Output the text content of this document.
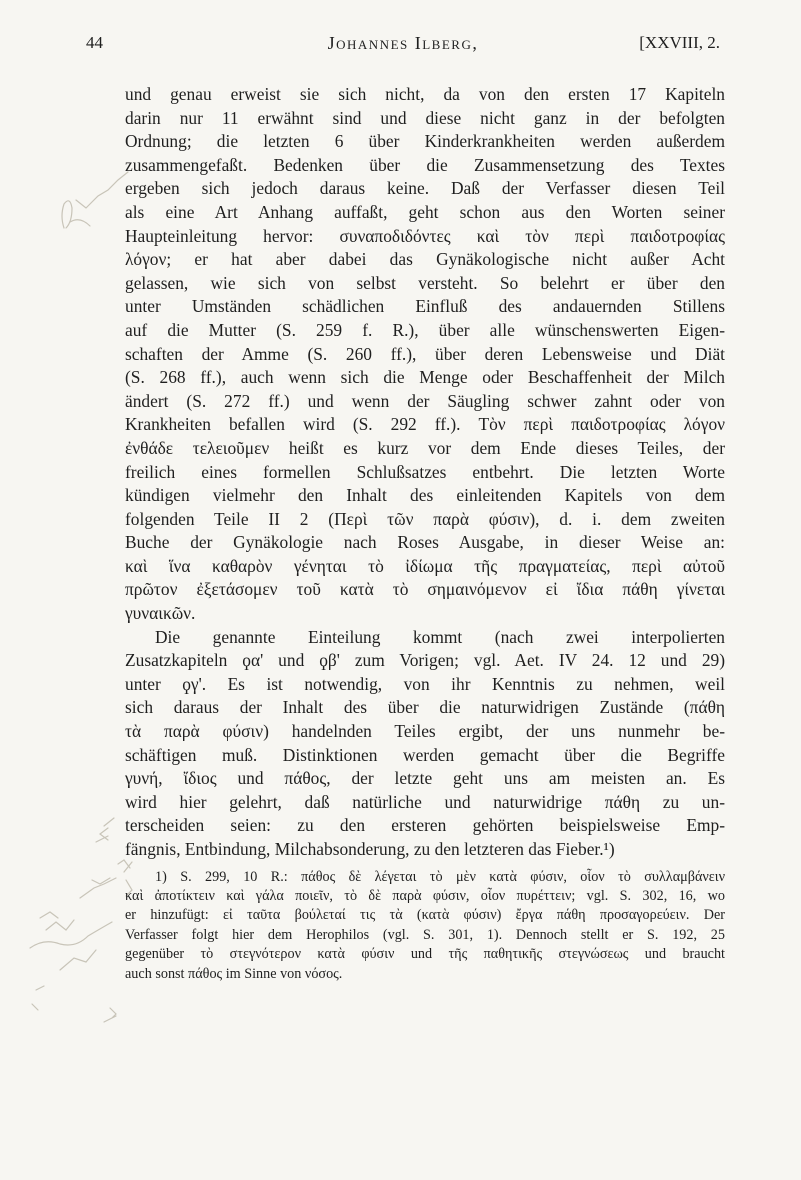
44	Johannes Ilberg,	[XXVIII, 2.
und genau erweist sie sich nicht, da von den ersten 17 Kapiteln
darin nur 11 erwähnt sind und diese nicht ganz in der befolgten
Ordnung; die letzten 6 über Kinderkrankheiten werden außerdem
zusammengefaßt. Bedenken über die Zusammensetzung des Textes
ergeben sich jedoch daraus keine. Daß der Verfasser diesen Teil
als eine Art Anhang auffaßt, geht schon aus den Worten seiner
Haupteinleitung hervor: συναποδιδόντες καὶ τὸν περὶ παιδοτροφίας
λόγον; er hat aber dabei das Gynäkologische nicht außer Acht
gelassen, wie sich von selbst versteht. So belehrt er über den
unter Umständen schädlichen Einfluß des andauernden Stillens
auf die Mutter (S. 259 f. R.), über alle wünschenswerten Eigen-
schaften der Amme (S. 260 ff.), über deren Lebensweise und Diät
(S. 268 ff.), auch wenn sich die Menge oder Beschaffenheit der Milch
ändert (S. 272 ff.) und wenn der Säugling schwer zahnt oder von
Krankheiten befallen wird (S. 292 ff.). Τὸν περὶ παιδοτροφίας λόγον
ἐνθάδε τελειοῦμεν heißt es kurz vor dem Ende dieses Teiles, der
freilich eines formellen Schlußsatzes entbehrt. Die letzten Worte
kündigen vielmehr den Inhalt des einleitenden Kapitels von dem
folgenden Teile II 2 (Περὶ τῶν παρὰ φύσιν), d. i. dem zweiten
Buche der Gynäkologie nach Roses Ausgabe, in dieser Weise an:
καὶ ἵνα καθαρὸν γένηται τὸ ἰδίωμα τῆς πραγματείας, περὶ αὐτοῦ
πρῶτον ἐξετάσομεν τοῦ κατὰ τὸ σημαινόμενον εἰ ἴδια πάθη γίνεται
γυναικῶν.
Die genannte Einteilung kommt (nach zwei interpolierten
Zusatzkapiteln ϙα' und ϙβ' zum Vorigen; vgl. Aet. IV 24. 12 und 29)
unter ϙγ'. Es ist notwendig, von ihr Kenntnis zu nehmen, weil
sich daraus der Inhalt des über die naturwidrigen Zustände (πάθη
τὰ παρὰ φύσιν) handelnden Teiles ergibt, der uns nunmehr be-
schäftigen muß. Distinktionen werden gemacht über die Begriffe
γυνή, ἴδιος und πάθος, der letzte geht uns am meisten an. Es
wird hier gelehrt, daß natürliche und naturwidrige πάθη zu un-
terscheiden seien: zu den ersteren gehörten beispielsweise Emp-
fängnis, Entbindung, Milchabsonderung, zu den letzteren das Fieber.¹)
1) S. 299, 10 R.: πάθος δὲ λέγεται τὸ μὲν κατὰ φύσιν, οἷον τὸ συλλαμβάνειν
καὶ ἀποτίκτειν καὶ γάλα ποιεῖν, τὸ δὲ παρὰ φύσιν, οἷον πυρέττειν; vgl. S. 302, 16, wo
er hinzufügt: εἰ ταῦτα βούλεταί τις τὰ (κατὰ φύσιν) ἔργα πάθη προσαγορεύειν. Der
Verfasser folgt hier dem Herophilos (vgl. S. 301, 1). Dennoch stellt er S. 192, 25
gegenüber τὸ στεγνότερον κατὰ φύσιν und τῆς παθητικῆς στεγνώσεως und braucht
auch sonst πάθος im Sinne von νόσος.
